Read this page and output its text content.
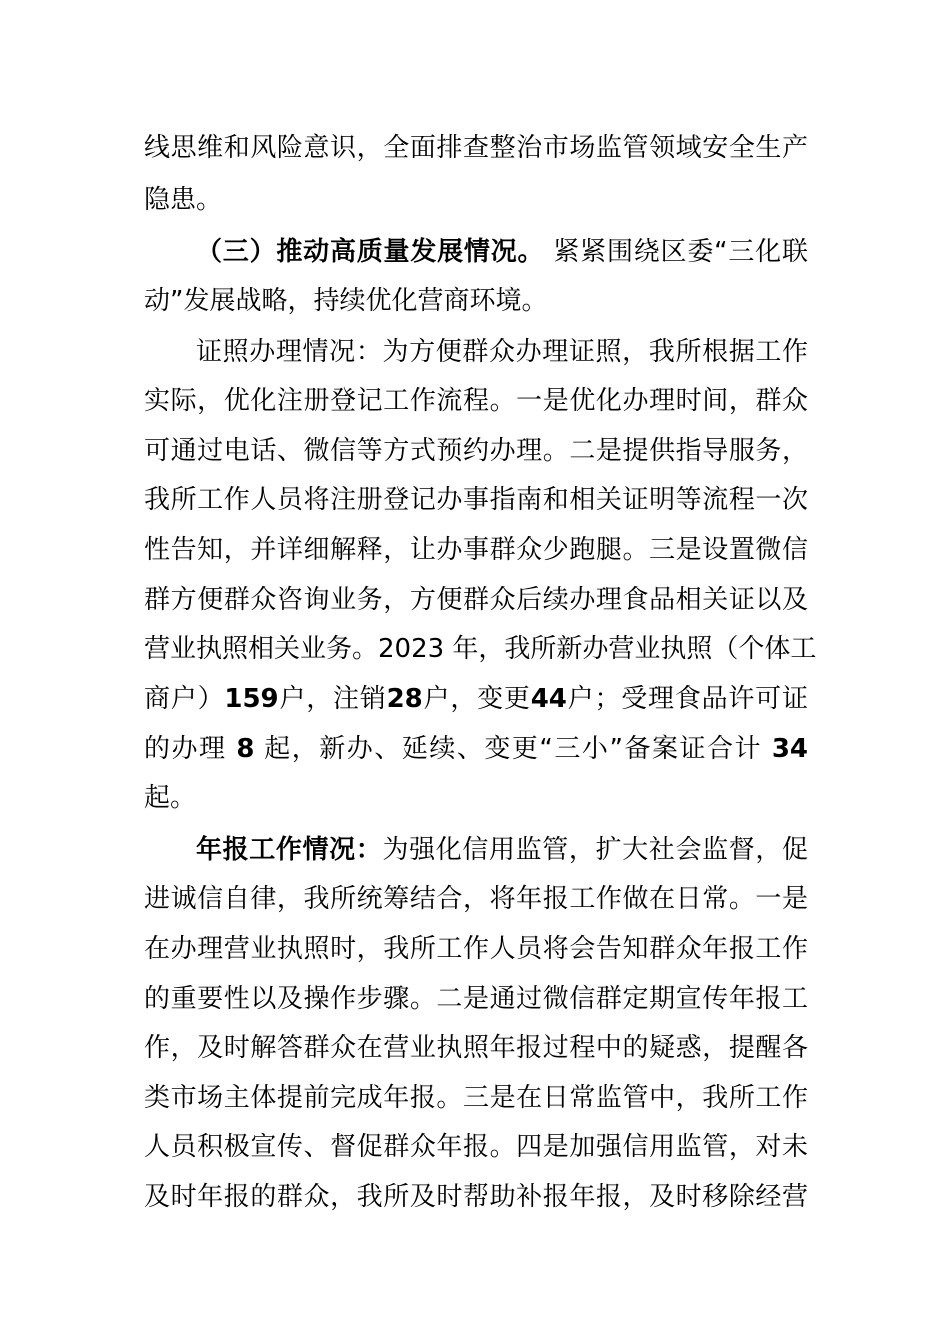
线思维和风险意识，全面排查整治市场监管领域安全生产
隐患。
（三）推动高质量发展情况。 紧紧围绕区委“三化联
动”发展战略，持续优化营商环境。
证照办理情况：为方便群众办理证照，我所根据工作
实际，优化注册登记工作流程。一是优化办理时间，群众
可通过电话、微信等方式预约办理。二是提供指导服务，
我所工作人员将注册登记办事指南和相关证明等流程一次
性告知，并详细解释，让办事群众少跑腿。三是设置微信
群方便群众咨询业务，方便群众后续办理食品相关证以及
营业执照相关业务。2023 年，我所新办营业执照（个体工
商户）159户，注销28户，变更44户；受理食品许可证
的办理 8 起，新办、延续、变更“三小”备案证合计 34
起。
年报工作情况：为强化信用监管，扩大社会监督，促
进诚信自律，我所统筹结合，将年报工作做在日常。一是
在办理营业执照时，我所工作人员将会告知群众年报工作
的重要性以及操作步骤。二是通过微信群定期宣传年报工
作，及时解答群众在营业执照年报过程中的疑惑，提醒各
类市场主体提前完成年报。三是在日常监管中，我所工作
人员积极宣传、督促群众年报。四是加强信用监管，对未
及时年报的群众，我所及时帮助补报年报，及时移除经营
